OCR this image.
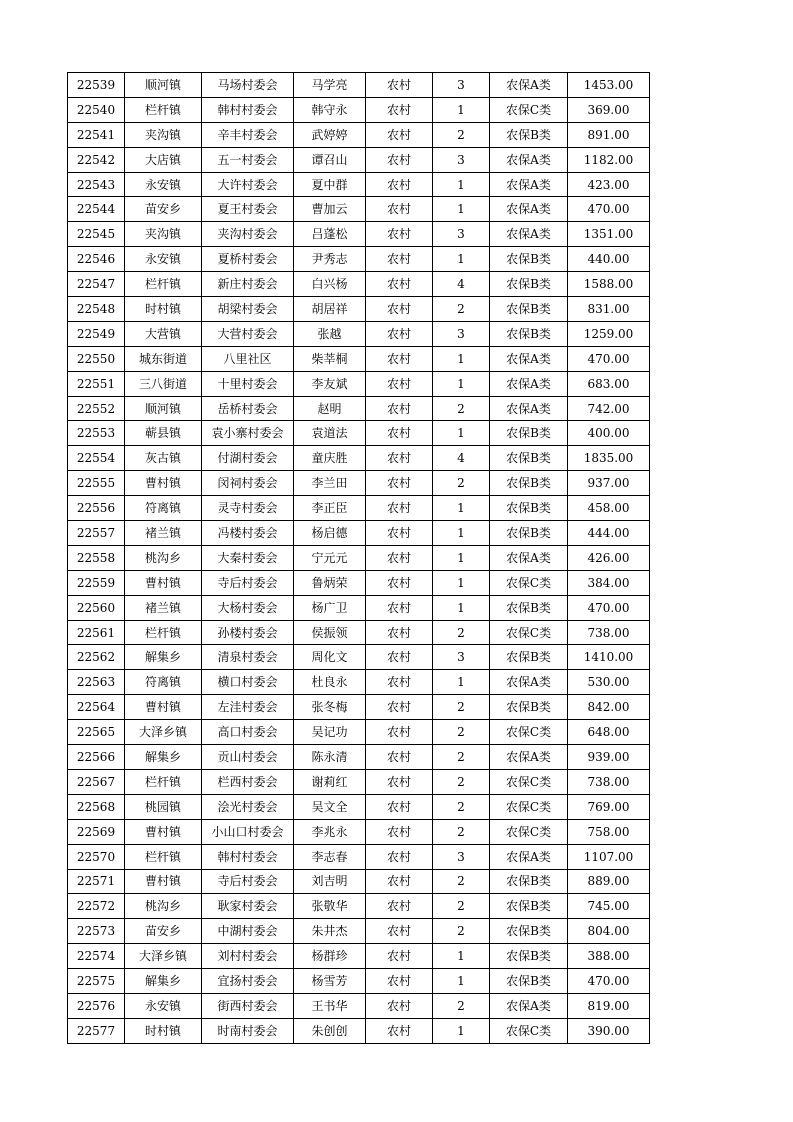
22539	顺河镇	马场村委会	马学亮	农村	3	农保A类	1453.00
22540	栏杆镇	韩村村委会	韩守永	农村	1	农保C类	369.00
22541	夹沟镇	辛丰村委会	武婷婷	农村	2	农保B类	891.00
22542	大店镇	五一村委会	谭召山	农村	3	农保A类	1182.00
22543	永安镇	大许村委会	夏中群	农村	1	农保A类	423.00
22544	苗安乡	夏王村委会	曹加云	农村	1	农保A类	470.00
22545	夹沟镇	夹沟村委会	吕蓬松	农村	3	农保A类	1351.00
22546	永安镇	夏桥村委会	尹秀志	农村	1	农保B类	440.00
22547	栏杆镇	新庄村委会	白兴杨	农村	4	农保B类	1588.00
22548	时村镇	胡梁村委会	胡居祥	农村	2	农保B类	831.00
22549	大营镇	大营村委会	张越	农村	3	农保B类	1259.00
22550	城东街道	八里社区	柴莘桐	农村	1	农保A类	470.00
22551	三八街道	十里村委会	李友斌	农村	1	农保A类	683.00
22552	顺河镇	岳桥村委会	赵明	农村	2	农保A类	742.00
22553	蕲县镇	袁小寨村委会	袁道法	农村	1	农保B类	400.00
22554	灰古镇	付湖村委会	童庆胜	农村	4	农保B类	1835.00
22555	曹村镇	闵祠村委会	李兰田	农村	2	农保B类	937.00
22556	符离镇	灵寺村委会	李正臣	农村	1	农保B类	458.00
22557	褚兰镇	冯楼村委会	杨启德	农村	1	农保B类	444.00
22558	桃沟乡	大秦村委会	宁元元	农村	1	农保A类	426.00
22559	曹村镇	寺后村委会	鲁炳荣	农村	1	农保C类	384.00
22560	褚兰镇	大杨村委会	杨广卫	农村	1	农保B类	470.00
22561	栏杆镇	孙楼村委会	侯振领	农村	2	农保C类	738.00
22562	解集乡	清泉村委会	周化文	农村	3	农保B类	1410.00
22563	符离镇	横口村委会	杜良永	农村	1	农保A类	530.00
22564	曹村镇	左洼村委会	张冬梅	农村	2	农保B类	842.00
22565	大泽乡镇	高口村委会	吴记功	农村	2	农保C类	648.00
22566	解集乡	贡山村委会	陈永清	农村	2	农保A类	939.00
22567	栏杆镇	栏西村委会	谢莉红	农村	2	农保C类	738.00
22568	桃园镇	浍光村委会	吴文全	农村	2	农保C类	769.00
22569	曹村镇	小山口村委会	李兆永	农村	2	农保C类	758.00
22570	栏杆镇	韩村村委会	李志春	农村	3	农保A类	1107.00
22571	曹村镇	寺后村委会	刘吉明	农村	2	农保B类	889.00
22572	桃沟乡	耿家村委会	张敬华	农村	2	农保B类	745.00
22573	苗安乡	中湖村委会	朱井杰	农村	2	农保B类	804.00
22574	大泽乡镇	刘村村委会	杨群珍	农村	1	农保B类	388.00
22575	解集乡	宜扬村委会	杨雪芳	农村	1	农保B类	470.00
22576	永安镇	街西村委会	王书华	农村	2	农保A类	819.00
22577	时村镇	时南村委会	朱创创	农村	1	农保C类	390.00
